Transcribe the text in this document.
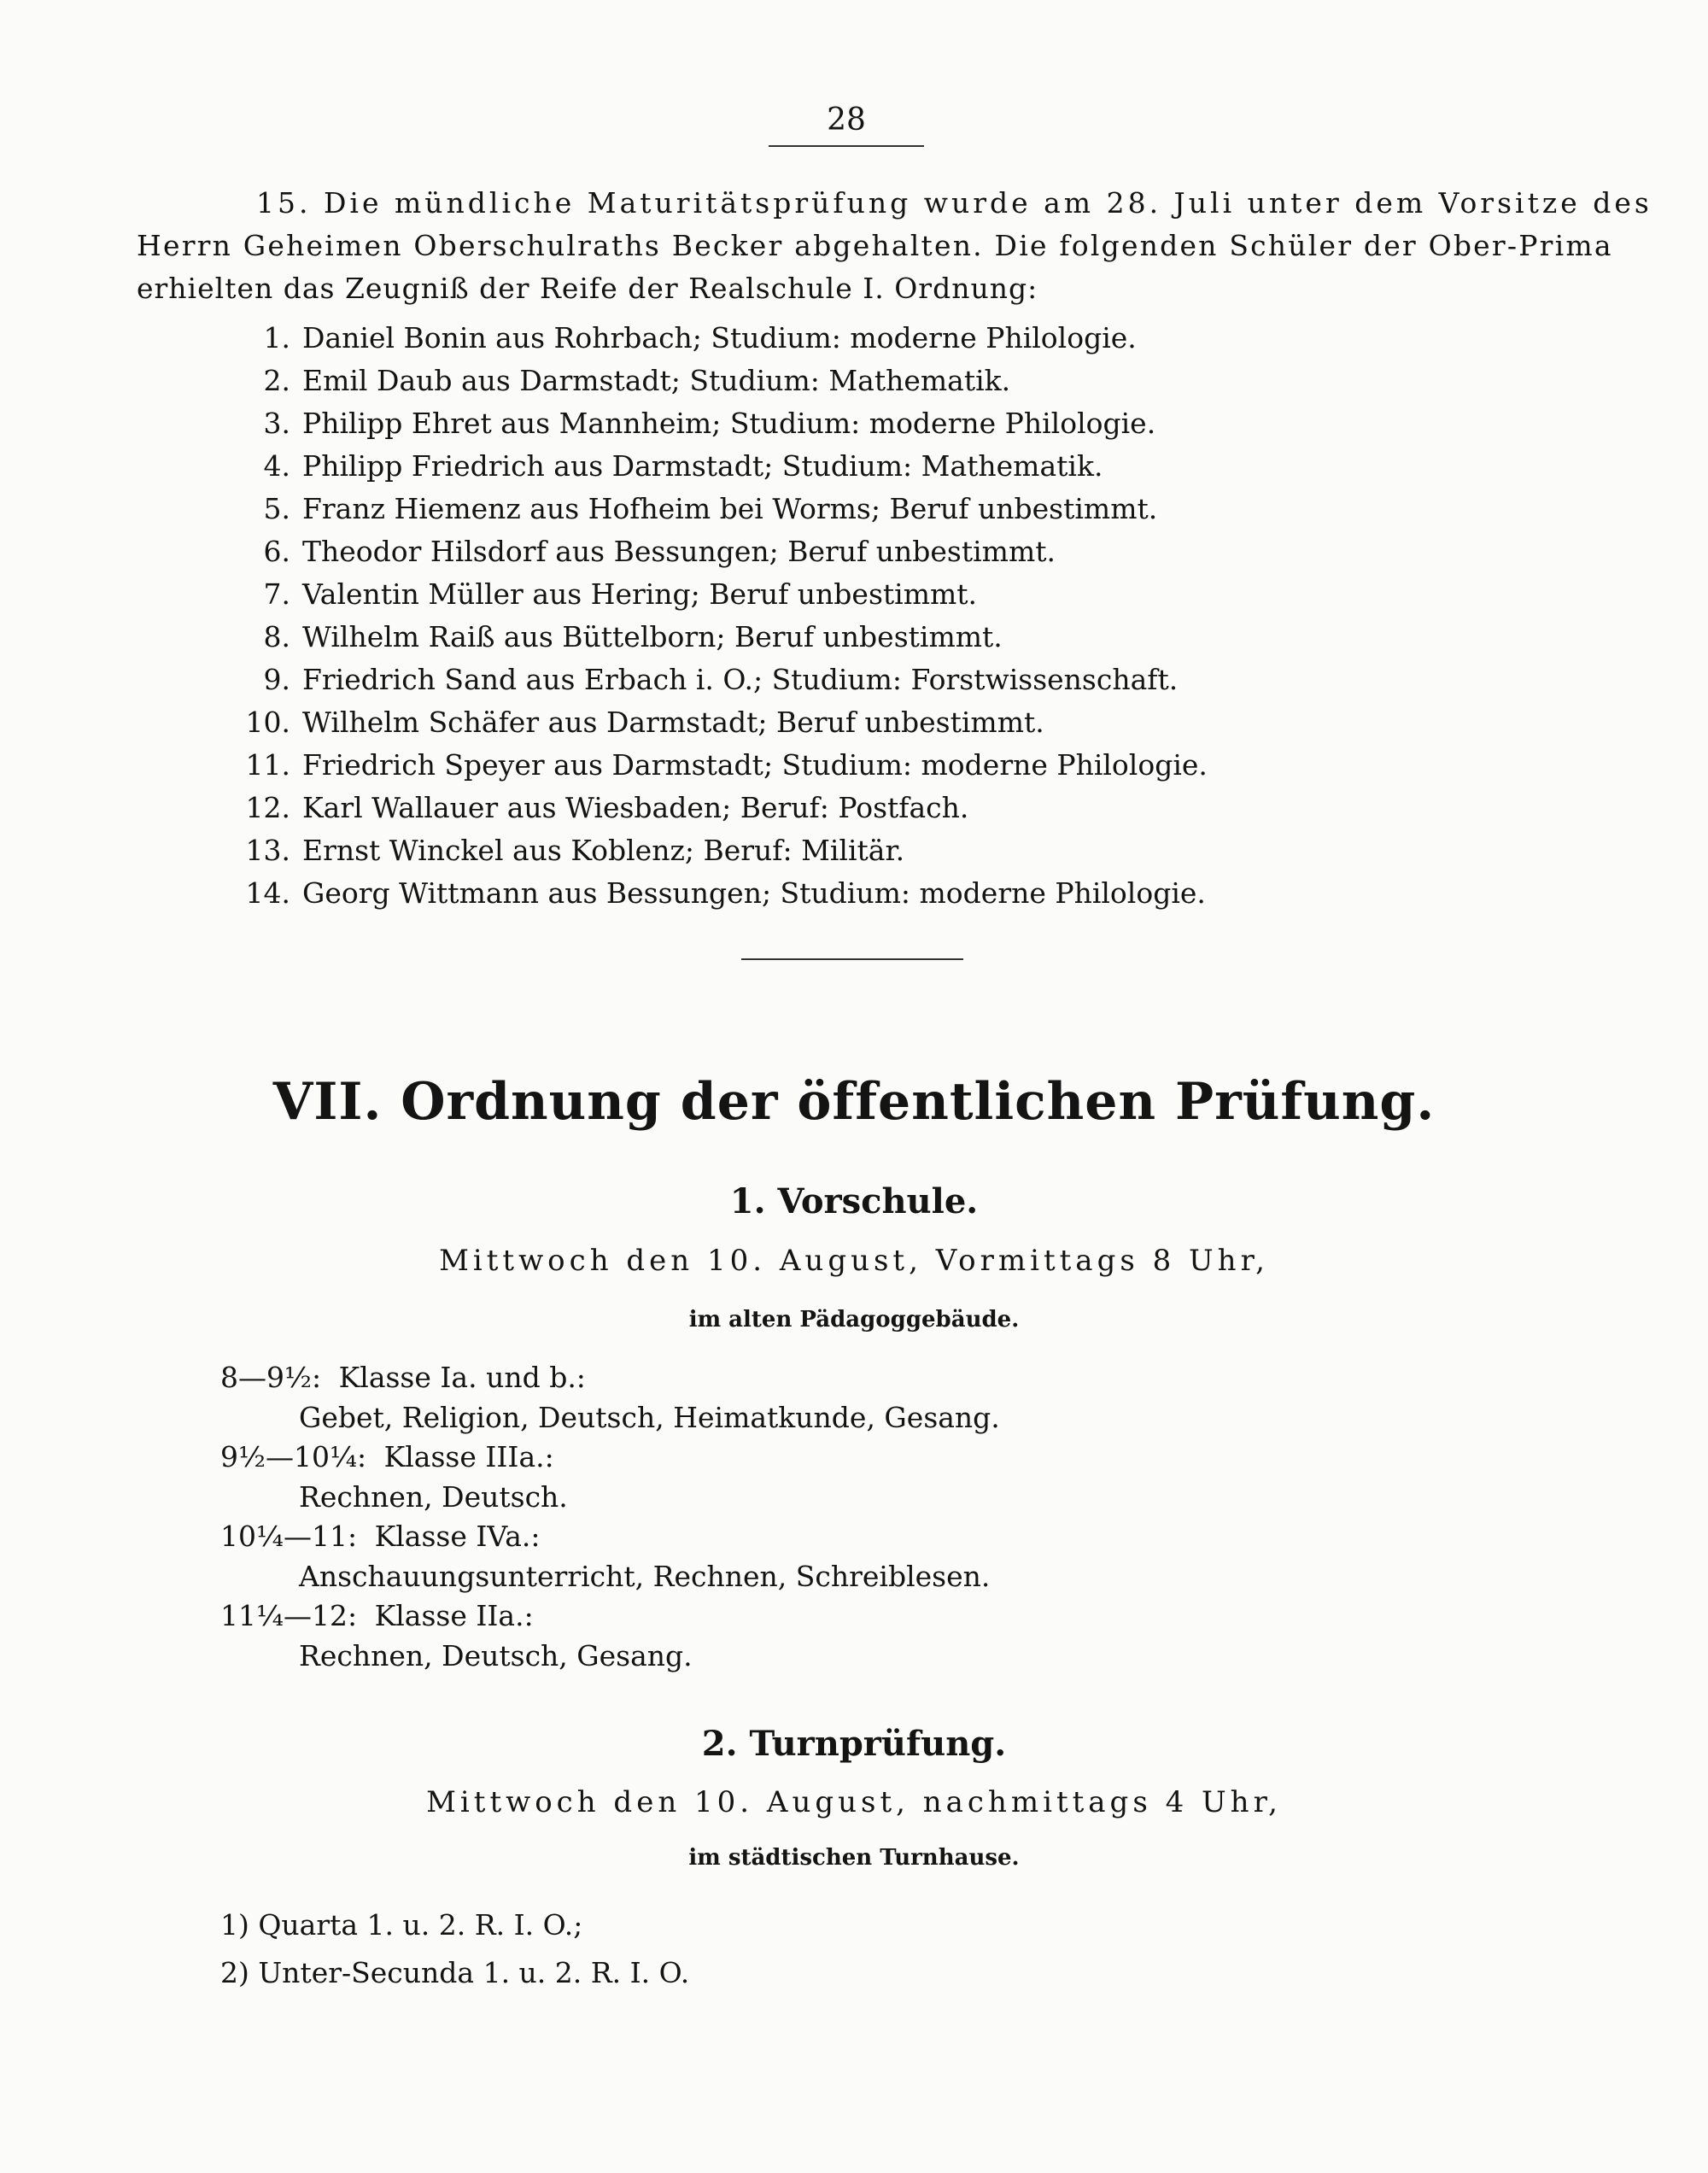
28
15. Die mündliche Maturitätsprüfung wurde am 28. Juli unter dem Vorsitze des
Herrn Geheimen Oberschulraths Becker abgehalten. Die folgenden Schüler der Ober-Prima
erhielten das Zeugniß der Reife der Realschule I. Ordnung:
1. Daniel Bonin aus Rohrbach; Studium: moderne Philologie.
2. Emil Daub aus Darmstadt; Studium: Mathematik.
3. Philipp Ehret aus Mannheim; Studium: moderne Philologie.
4. Philipp Friedrich aus Darmstadt; Studium: Mathematik.
5. Franz Hiemenz aus Hofheim bei Worms; Beruf unbestimmt.
6. Theodor Hilsdorf aus Bessungen; Beruf unbestimmt.
7. Valentin Müller aus Hering; Beruf unbestimmt.
8. Wilhelm Raiß aus Büttelborn; Beruf unbestimmt.
9. Friedrich Sand aus Erbach i. O.; Studium: Forstwissenschaft.
10. Wilhelm Schäfer aus Darmstadt; Beruf unbestimmt.
11. Friedrich Speyer aus Darmstadt; Studium: moderne Philologie.
12. Karl Wallauer aus Wiesbaden; Beruf: Postfach.
13. Ernst Winckel aus Koblenz; Beruf: Militär.
14. Georg Wittmann aus Bessungen; Studium: moderne Philologie.
VII. Ordnung der öffentlichen Prüfung.
1. Vorschule.
Mittwoch den 10. August, Vormittags 8 Uhr,
im alten Pädagoggebäude.
8—9½: Klasse Ia. und b.:
Gebet, Religion, Deutsch, Heimatkunde, Gesang.
9½—10¼: Klasse IIIa.:
Rechnen, Deutsch.
10¼—11: Klasse IVa.:
Anschauungsunterricht, Rechnen, Schreiblesen.
11¼—12: Klasse IIa.:
Rechnen, Deutsch, Gesang.
2. Turnprüfung.
Mittwoch den 10. August, nachmittags 4 Uhr,
im städtischen Turnhause.
1) Quarta 1. u. 2. R. I. O.;
2) Unter-Secunda 1. u. 2. R. I. O.
